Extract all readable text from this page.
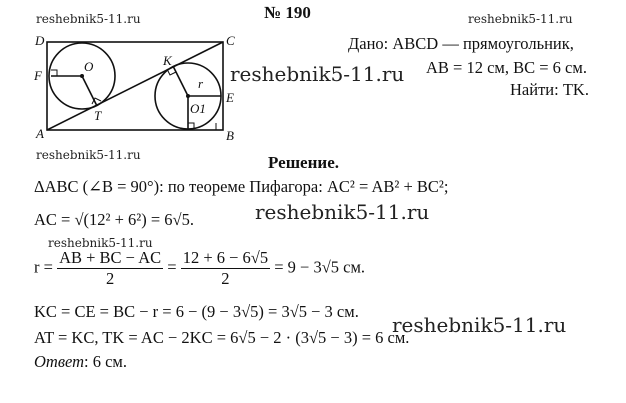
reshebnik5-11.ru	reshebnik5-11.ru
reshebnik5-11.ru
reshebnik5-11.ru
reshebnik5-11.ru
reshebnik5-11.ru
reshebnik5-11.ru
№ 190
Дано: ABCD — прямоугольник,
AB = 12 см, BC = 6 см.
Найти: TK.
D	C
A	B
F
O
T
K
r
O1
E
Решение.
ΔABC (∠B = 90°): по теореме Пифагора: AC² = AB² + BC²;
AC = √(12² + 6²) = 6√5.
$r = \frac{AB + BC - AC}{2} = \frac{12 + 6 - 6√5}{2} = 9 - 3√5$ см.
KC = CE = BC − r = 6 − (9 − 3√5) = 3√5 − 3 см.
AT = KC, TK = AC − 2KC = 6√5 − 2 · (3√5 − 3) = 6 см.
Ответ: 6 см.
